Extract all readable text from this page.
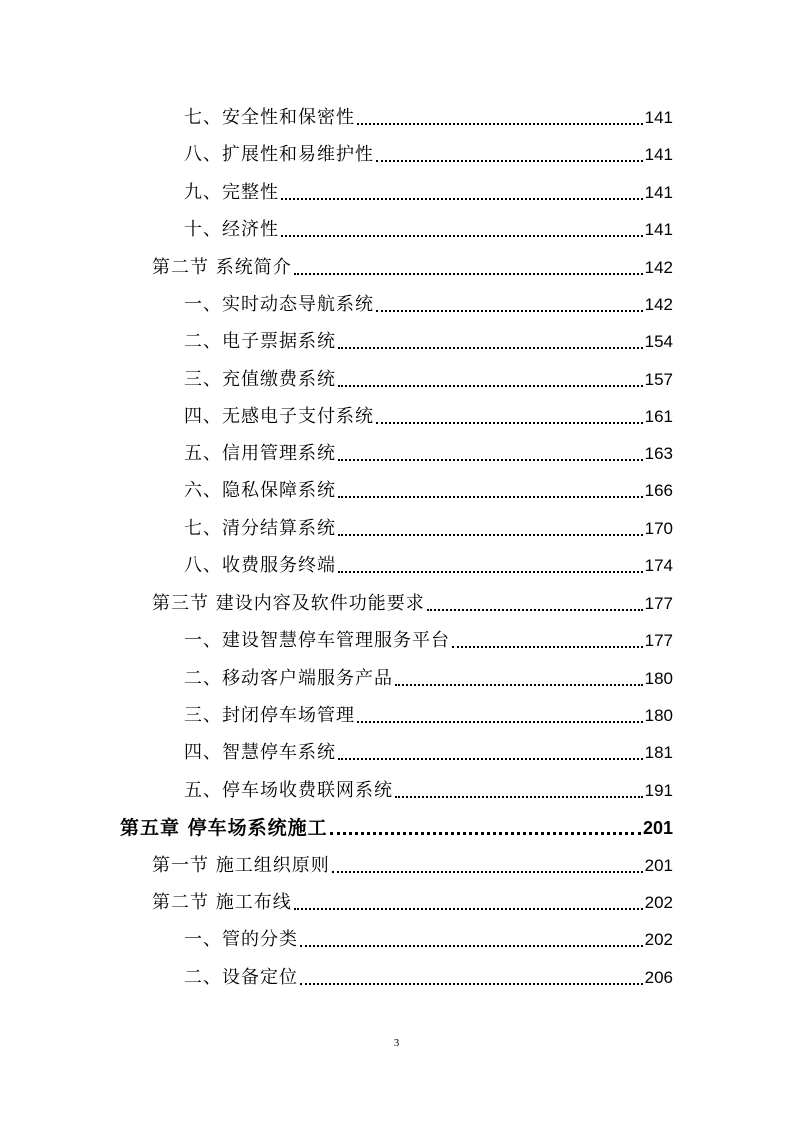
七、安全性和保密性	141
八、扩展性和易维护性	141
九、完整性	141
十、经济性	141
第二节 系统简介	142
一、实时动态导航系统	142
二、电子票据系统	154
三、充值缴费系统	157
四、无感电子支付系统	161
五、信用管理系统	163
六、隐私保障系统	166
七、清分结算系统	170
八、收费服务终端	174
第三节 建设内容及软件功能要求	177
一、建设智慧停车管理服务平台	177
二、移动客户端服务产品	180
三、封闭停车场管理	180
四、智慧停车系统	181
五、停车场收费联网系统	191
第五章 停车场系统施工	201
第一节 施工组织原则	201
第二节 施工布线	202
一、管的分类	202
二、设备定位	206
3
